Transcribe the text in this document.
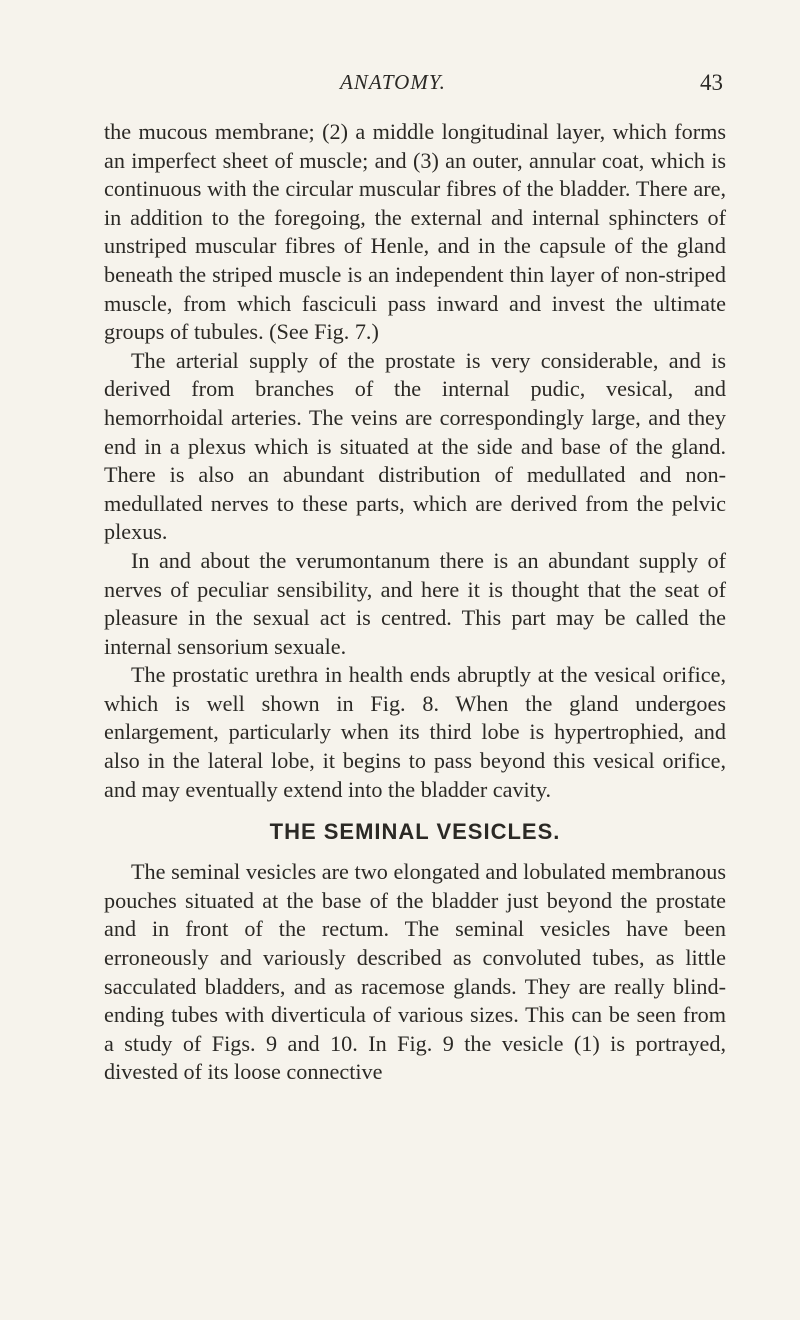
ANATOMY.	43

the mucous membrane; (2) a middle longitudinal layer, which forms an imperfect sheet of muscle; and (3) an outer, annular coat, which is continuous with the circular muscular fibres of the bladder. There are, in addition to the foregoing, the external and internal sphincters of unstriped muscular fibres of Henle, and in the capsule of the gland beneath the striped muscle is an independent thin layer of non-striped muscle, from which fasciculi pass inward and invest the ultimate groups of tubules. (See Fig. 7.)

The arterial supply of the prostate is very considerable, and is derived from branches of the internal pudic, vesical, and hemorrhoidal arteries. The veins are correspondingly large, and they end in a plexus which is situated at the side and base of the gland. There is also an abundant distribution of medullated and non-medullated nerves to these parts, which are derived from the pelvic plexus.

In and about the verumontanum there is an abundant supply of nerves of peculiar sensibility, and here it is thought that the seat of pleasure in the sexual act is centred. This part may be called the internal sensorium sexuale.

The prostatic urethra in health ends abruptly at the vesical orifice, which is well shown in Fig. 8. When the gland undergoes enlargement, particularly when its third lobe is hypertrophied, and also in the lateral lobe, it begins to pass beyond this vesical orifice, and may eventually extend into the bladder cavity.

THE SEMINAL VESICLES.

The seminal vesicles are two elongated and lobulated membranous pouches situated at the base of the bladder just beyond the prostate and in front of the rectum. The seminal vesicles have been erroneously and variously described as convoluted tubes, as little sacculated bladders, and as racemose glands. They are really blind-ending tubes with diverticula of various sizes. This can be seen from a study of Figs. 9 and 10. In Fig. 9 the vesicle (1) is portrayed, divested of its loose connective
